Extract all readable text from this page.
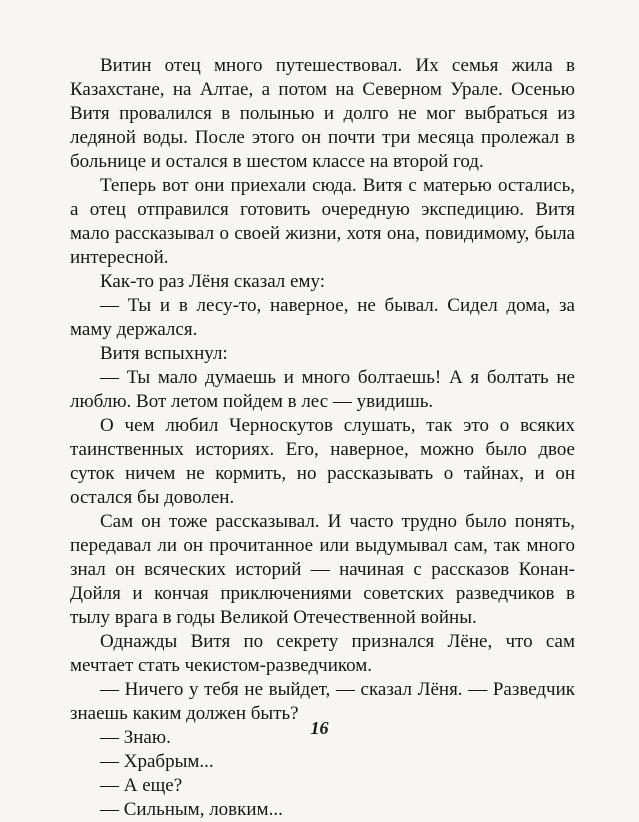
Витин отец много путешествовал. Их семья жила в Казахстане, на Алтае, а потом на Северном Урале. Осенью Витя провалился в полынью и долго не мог выбраться из ледяной воды. После этого он почти три месяца пролежал в больнице и остался в шестом классе на второй год.

Теперь вот они приехали сюда. Витя с матерью остались, а отец отправился готовить очередную экспедицию. Витя мало рассказывал о своей жизни, хотя она, повидимому, была интересной.

Как-то раз Лёня сказал ему:

— Ты и в лесу-то, наверное, не бывал. Сидел дома, за маму держался.

Витя вспыхнул:

— Ты мало думаешь и много болтаешь! А я болтать не люблю. Вот летом пойдем в лес — увидишь.

О чем любил Черноскутов слушать, так это о всяких таинственных историях. Его, наверное, можно было двое суток ничем не кормить, но рассказывать о тайнах, и он остался бы доволен.

Сам он тоже рассказывал. И часто трудно было понять, передавал ли он прочитанное или выдумывал сам, так много знал он всяческих историй — начиная с рассказов Конан-Дойля и кончая приключениями советских разведчиков в тылу врага в годы Великой Отечественной войны.

Однажды Витя по секрету признался Лёне, что сам мечтает стать чекистом-разведчиком.

— Ничего у тебя не выйдет, — сказал Лёня. — Разведчик знаешь каким должен быть?

— Знаю.

— Храбрым...

— А еще?

— Сильным, ловким...

16
